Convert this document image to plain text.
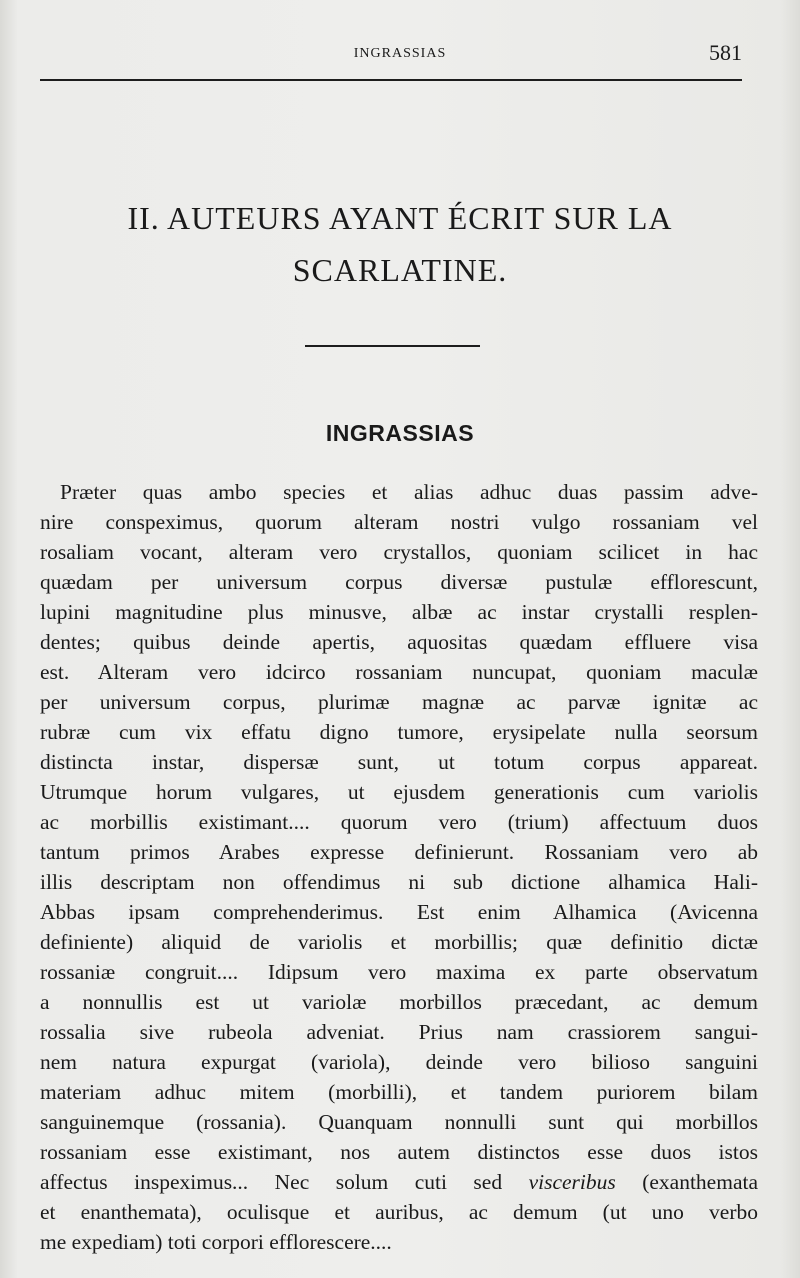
INGRASSIAS	581
II. AUTEURS AYANT ÉCRIT SUR LA
SCARLATINE.
INGRASSIAS
Præter quas ambo species et alias adhuc duas passim adve-
nire conspeximus, quorum alteram nostri vulgo rossaniam vel
rosaliam vocant, alteram vero crystallos, quoniam scilicet in hac
quædam per universum corpus diversæ pustulæ efflorescunt,
lupini magnitudine plus minusve, albæ ac instar crystalli resplen-
dentes; quibus deinde apertis, aquositas quædam effluere visa
est. Alteram vero idcirco rossaniam nuncupat, quoniam maculæ
per universum corpus, plurimæ magnæ ac parvæ ignitæ ac
rubræ cum vix effatu digno tumore, erysipelate nulla seorsum
distincta instar, dispersæ sunt, ut totum corpus appareat.
Utrumque horum vulgares, ut ejusdem generationis cum variolis
ac morbillis existimant.... quorum vero (trium) affectuum duos
tantum primos Arabes expresse definierunt. Rossaniam vero ab
illis descriptam non offendimus ni sub dictione alhamica Hali-
Abbas ipsam comprehenderimus. Est enim Alhamica (Avicenna
definiente) aliquid de variolis et morbillis; quæ definitio dictæ
rossaniæ congruit.... Idipsum vero maxima ex parte observatum
a nonnullis est ut variolæ morbillos præcedant, ac demum
rossalia sive rubeola adveniat. Prius nam crassiorem sangui-
nem natura expurgat (variola), deinde vero bilioso sanguini
materiam adhuc mitem (morbilli), et tandem puriorem bilam
sanguinemque (rossania). Quanquam nonnulli sunt qui morbillos
rossaniam esse existimant, nos autem distinctos esse duos istos
affectus inspeximus... Nec solum cuti sed visceribus (exanthemata
et enanthemata), oculisque et auribus, ac demum (ut uno verbo
me expediam) toti corpori efflorescere....
